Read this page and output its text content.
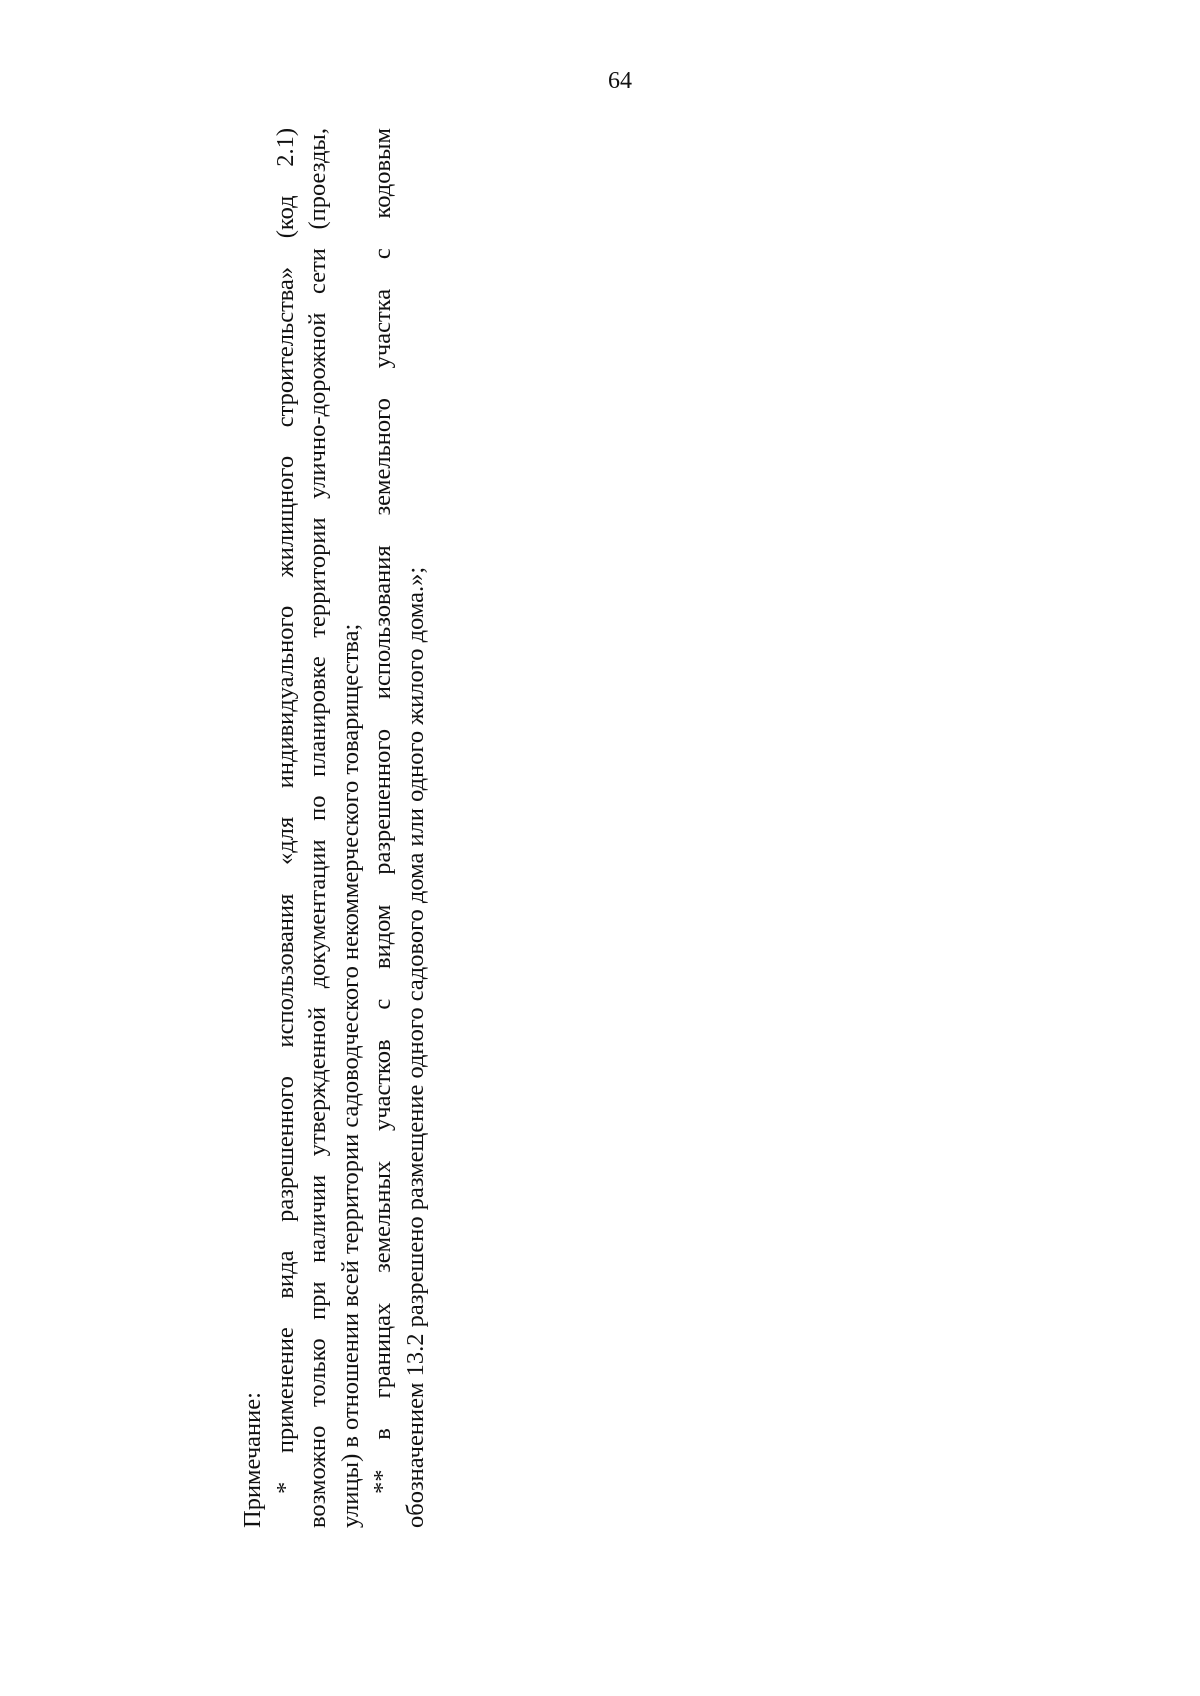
64
Примечание: * применение вида разрешенного использования «для индивидуального жилищного строительства» (код 2.1) возможно только при наличии утвержденной документации по планировке территории улично-дорожной сети (проезды, улицы) в отношении всей территории садоводческого некоммерческого товарищества; ** в границах земельных участков с видом разрешенного использования земельного участка с кодовым обозначением 13.2 разрешено размещение одного садового дома или одного жилого дома.»;
